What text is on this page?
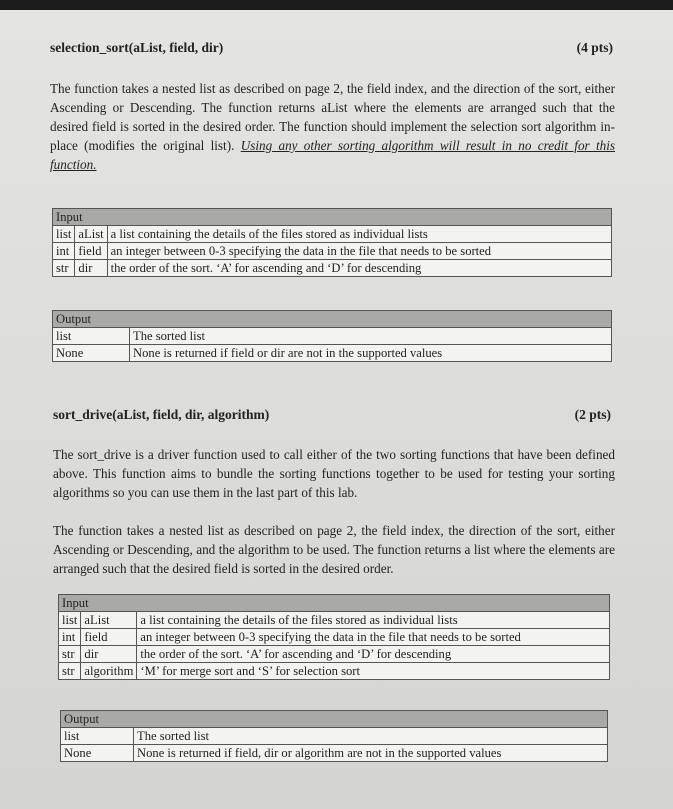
selection_sort(aList, field, dir)	(4 pts)
The function takes a nested list as described on page 2, the field index, and the direction of the sort, either Ascending or Descending. The function returns aList where the elements are arranged such that the desired field is sorted in the desired order. The function should implement the selection sort algorithm in-place (modifies the original list). Using any other sorting algorithm will result in no credit for this function.
Input		
list	aList	a list containing the details of the files stored as individual lists
int	field	an integer between 0-3 specifying the data in the file that needs to be sorted
str	dir	the order of the sort. ‘A’ for ascending and ‘D’ for descending
Output	
list	The sorted list
None	None is returned if field or dir are not in the supported values
sort_drive(aList, field, dir, algorithm)	(2 pts)
The sort_drive is a driver function used to call either of the two sorting functions that have been defined above. This function aims to bundle the sorting functions together to be used for testing your sorting algorithms so you can use them in the last part of this lab.
The function takes a nested list as described on page 2, the field index, the direction of the sort, either Ascending or Descending, and the algorithm to be used. The function returns a list where the elements are arranged such that the desired field is sorted in the desired order.
Input		
list	aList	a list containing the details of the files stored as individual lists
int	field	an integer between 0-3 specifying the data in the file that needs to be sorted
str	dir	the order of the sort. ‘A’ for ascending and ‘D’ for descending
str	algorithm	‘M’ for merge sort and ‘S’ for selection sort
Output	
list	The sorted list
None	None is returned if field, dir or algorithm are not in the supported values
